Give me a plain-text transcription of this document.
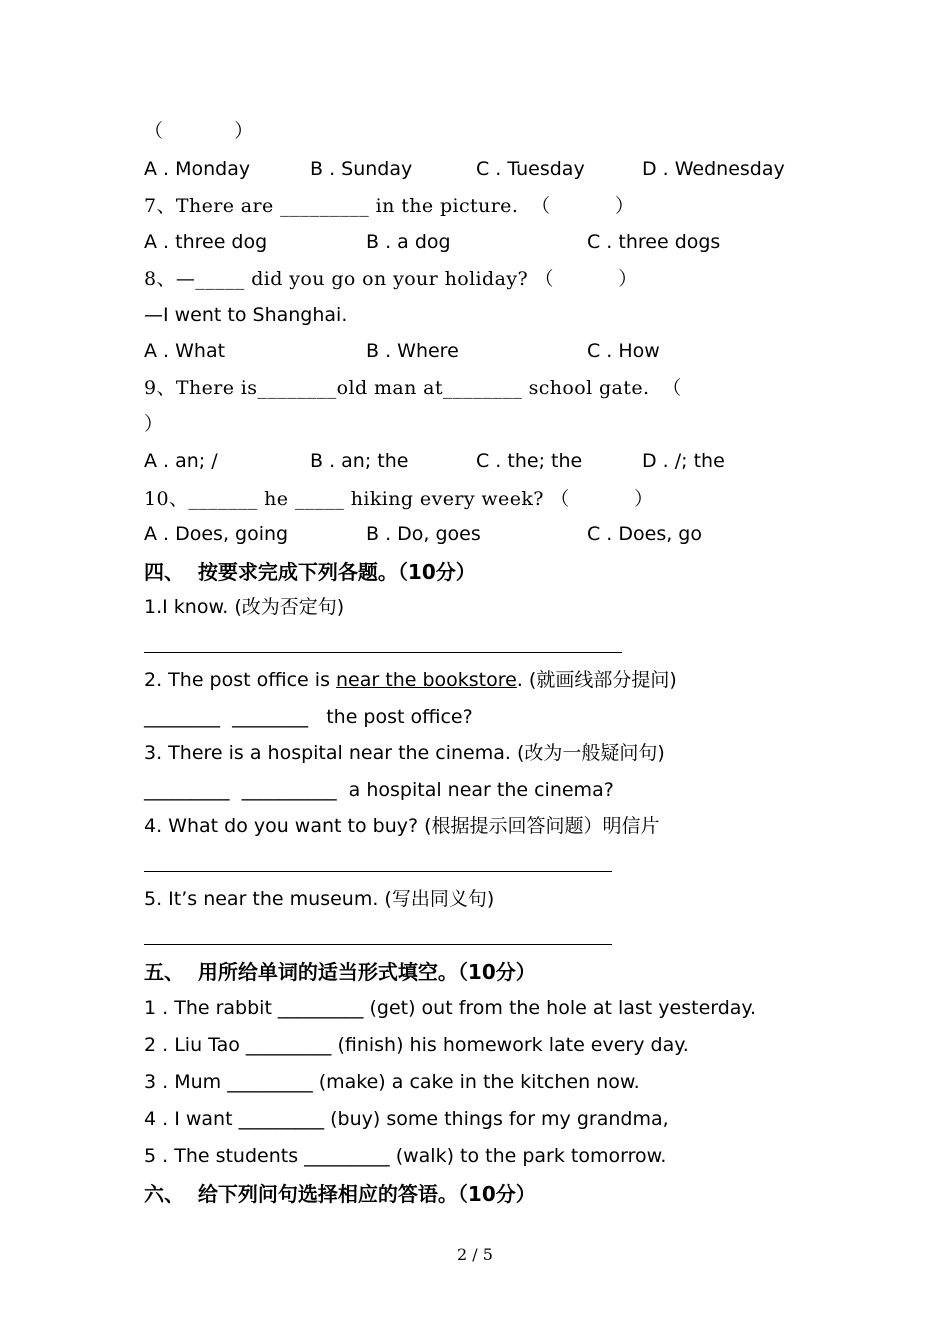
（           ）
A . Monday	B . Sunday	C . Tuesday	D . Wednesday
7、There are _________ in the picture.  （          ）
A . three dog	B . a dog	C . three dogs
8、—_____ did you go on your holiday? （          ）
—I went to Shanghai.
A . What	B . Where	C . How
9、There is________old man at________ school gate.  （
）
A . an; /	B . an; the	C . the; the	D . /; the
10、_______ he _____ hiking every week? （          ）
A . Does, going	B . Do, goes	C . Does, go
四、  按要求完成下列各题。（10分）
1.I know. (改为否定句)
2. The post office is near the bookstore. (就画线部分提问)
________  ________   the post office?
3. There is a hospital near the cinema. (改为一般疑问句)
_________  __________  a hospital near the cinema?
4. What do you want to buy? (根据提示回答问题）明信片
5. It’s near the museum. (写出同义句)
五、  用所给单词的适当形式填空。（10分）
1 . The rabbit _________ (get) out from the hole at last yesterday.
2 . Liu Tao _________ (finish) his homework late every day.
3 . Mum _________ (make) a cake in the kitchen now.
4 . I want _________ (buy) some things for my grandma,
5 . The students _________ (walk) to the park tomorrow.
六、  给下列问句选择相应的答语。（10分）
2 / 5
